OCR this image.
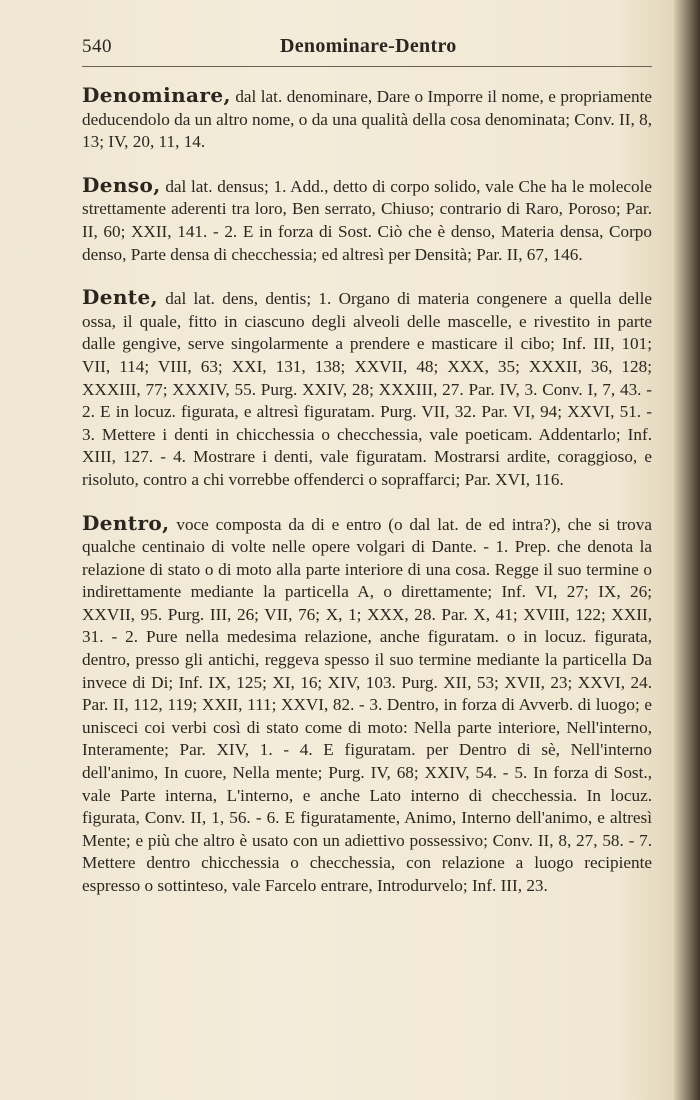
540	Denominare-Dentro

Denominare, dal lat. denominare, Dare o Imporre il nome, e propriamente deducendolo da un altro nome, o da una qualità della cosa denominata; Conv. II, 8, 13; IV, 20, 11, 14.

Denso, dal lat. densus; 1. Add., detto di corpo solido, vale Che ha le molecole strettamente aderenti tra loro, Ben serrato, Chiuso; contrario di Raro, Poroso; Par. II, 60; XXII, 141. - 2. E in forza di Sost. Ciò che è denso, Materia densa, Corpo denso, Parte densa di checchessia; ed altresì per Densità; Par. II, 67, 146.

Dente, dal lat. dens, dentis; 1. Organo di materia congenere a quella delle ossa, il quale, fitto in ciascuno degli alveoli delle mascelle, e rivestito in parte dalle gengive, serve singolarmente a prendere e masticare il cibo; Inf. III, 101; VII, 114; VIII, 63; XXI, 131, 138; XXVII, 48; XXX, 35; XXXII, 36, 128; XXXIII, 77; XXXIV, 55. Purg. XXIV, 28; XXXIII, 27. Par. IV, 3. Conv. I, 7, 43. - 2. E in locuz. figurata, e altresì figuratam. Purg. VII, 32. Par. VI, 94; XXVI, 51. - 3. Mettere i denti in chicchessia o checchessia, vale poeticam. Addentarlo; Inf. XIII, 127. - 4. Mostrare i denti, vale figuratam. Mostrarsi ardite, coraggioso, e risoluto, contro a chi vorrebbe offenderci o sopraffarci; Par. XVI, 116.

Dentro, voce composta da di e entro (o dal lat. de ed intra?), che si trova qualche centinaio di volte nelle opere volgari di Dante. - 1. Prep. che denota la relazione di stato o di moto alla parte interiore di una cosa. Regge il suo termine o indirettamente mediante la particella A, o direttamente; Inf. VI, 27; IX, 26; XXVII, 95. Purg. III, 26; VII, 76; X, 1; XXX, 28. Par. X, 41; XVIII, 122; XXII, 31. - 2. Pure nella medesima relazione, anche figuratam. o in locuz. figurata, dentro, presso gli antichi, reggeva spesso il suo termine mediante la particella Da invece di Di; Inf. IX, 125; XI, 16; XIV, 103. Purg. XII, 53; XVII, 23; XXVI, 24. Par. II, 112, 119; XXII, 111; XXVI, 82. - 3. Dentro, in forza di Avverb. di luogo; e unisceci coi verbi così di stato come di moto: Nella parte interiore, Nell'interno, Interamente; Par. XIV, 1. - 4. E figuratam. per Dentro di sè, Nell'interno dell'animo, In cuore, Nella mente; Purg. IV, 68; XXIV, 54. - 5. In forza di Sost., vale Parte interna, L'interno, e anche Lato interno di checchessia. In locuz. figurata, Conv. II, 1, 56. - 6. E figuratamente, Animo, Interno dell'animo, e altresì Mente; e più che altro è usato con un adiettivo possessivo; Conv. II, 8, 27, 58. - 7. Mettere dentro chicchessia o checchessia, con relazione a luogo recipiente espresso o sottinteso, vale Farcelo entrare, Introdurvelo; Inf. III, 23.
